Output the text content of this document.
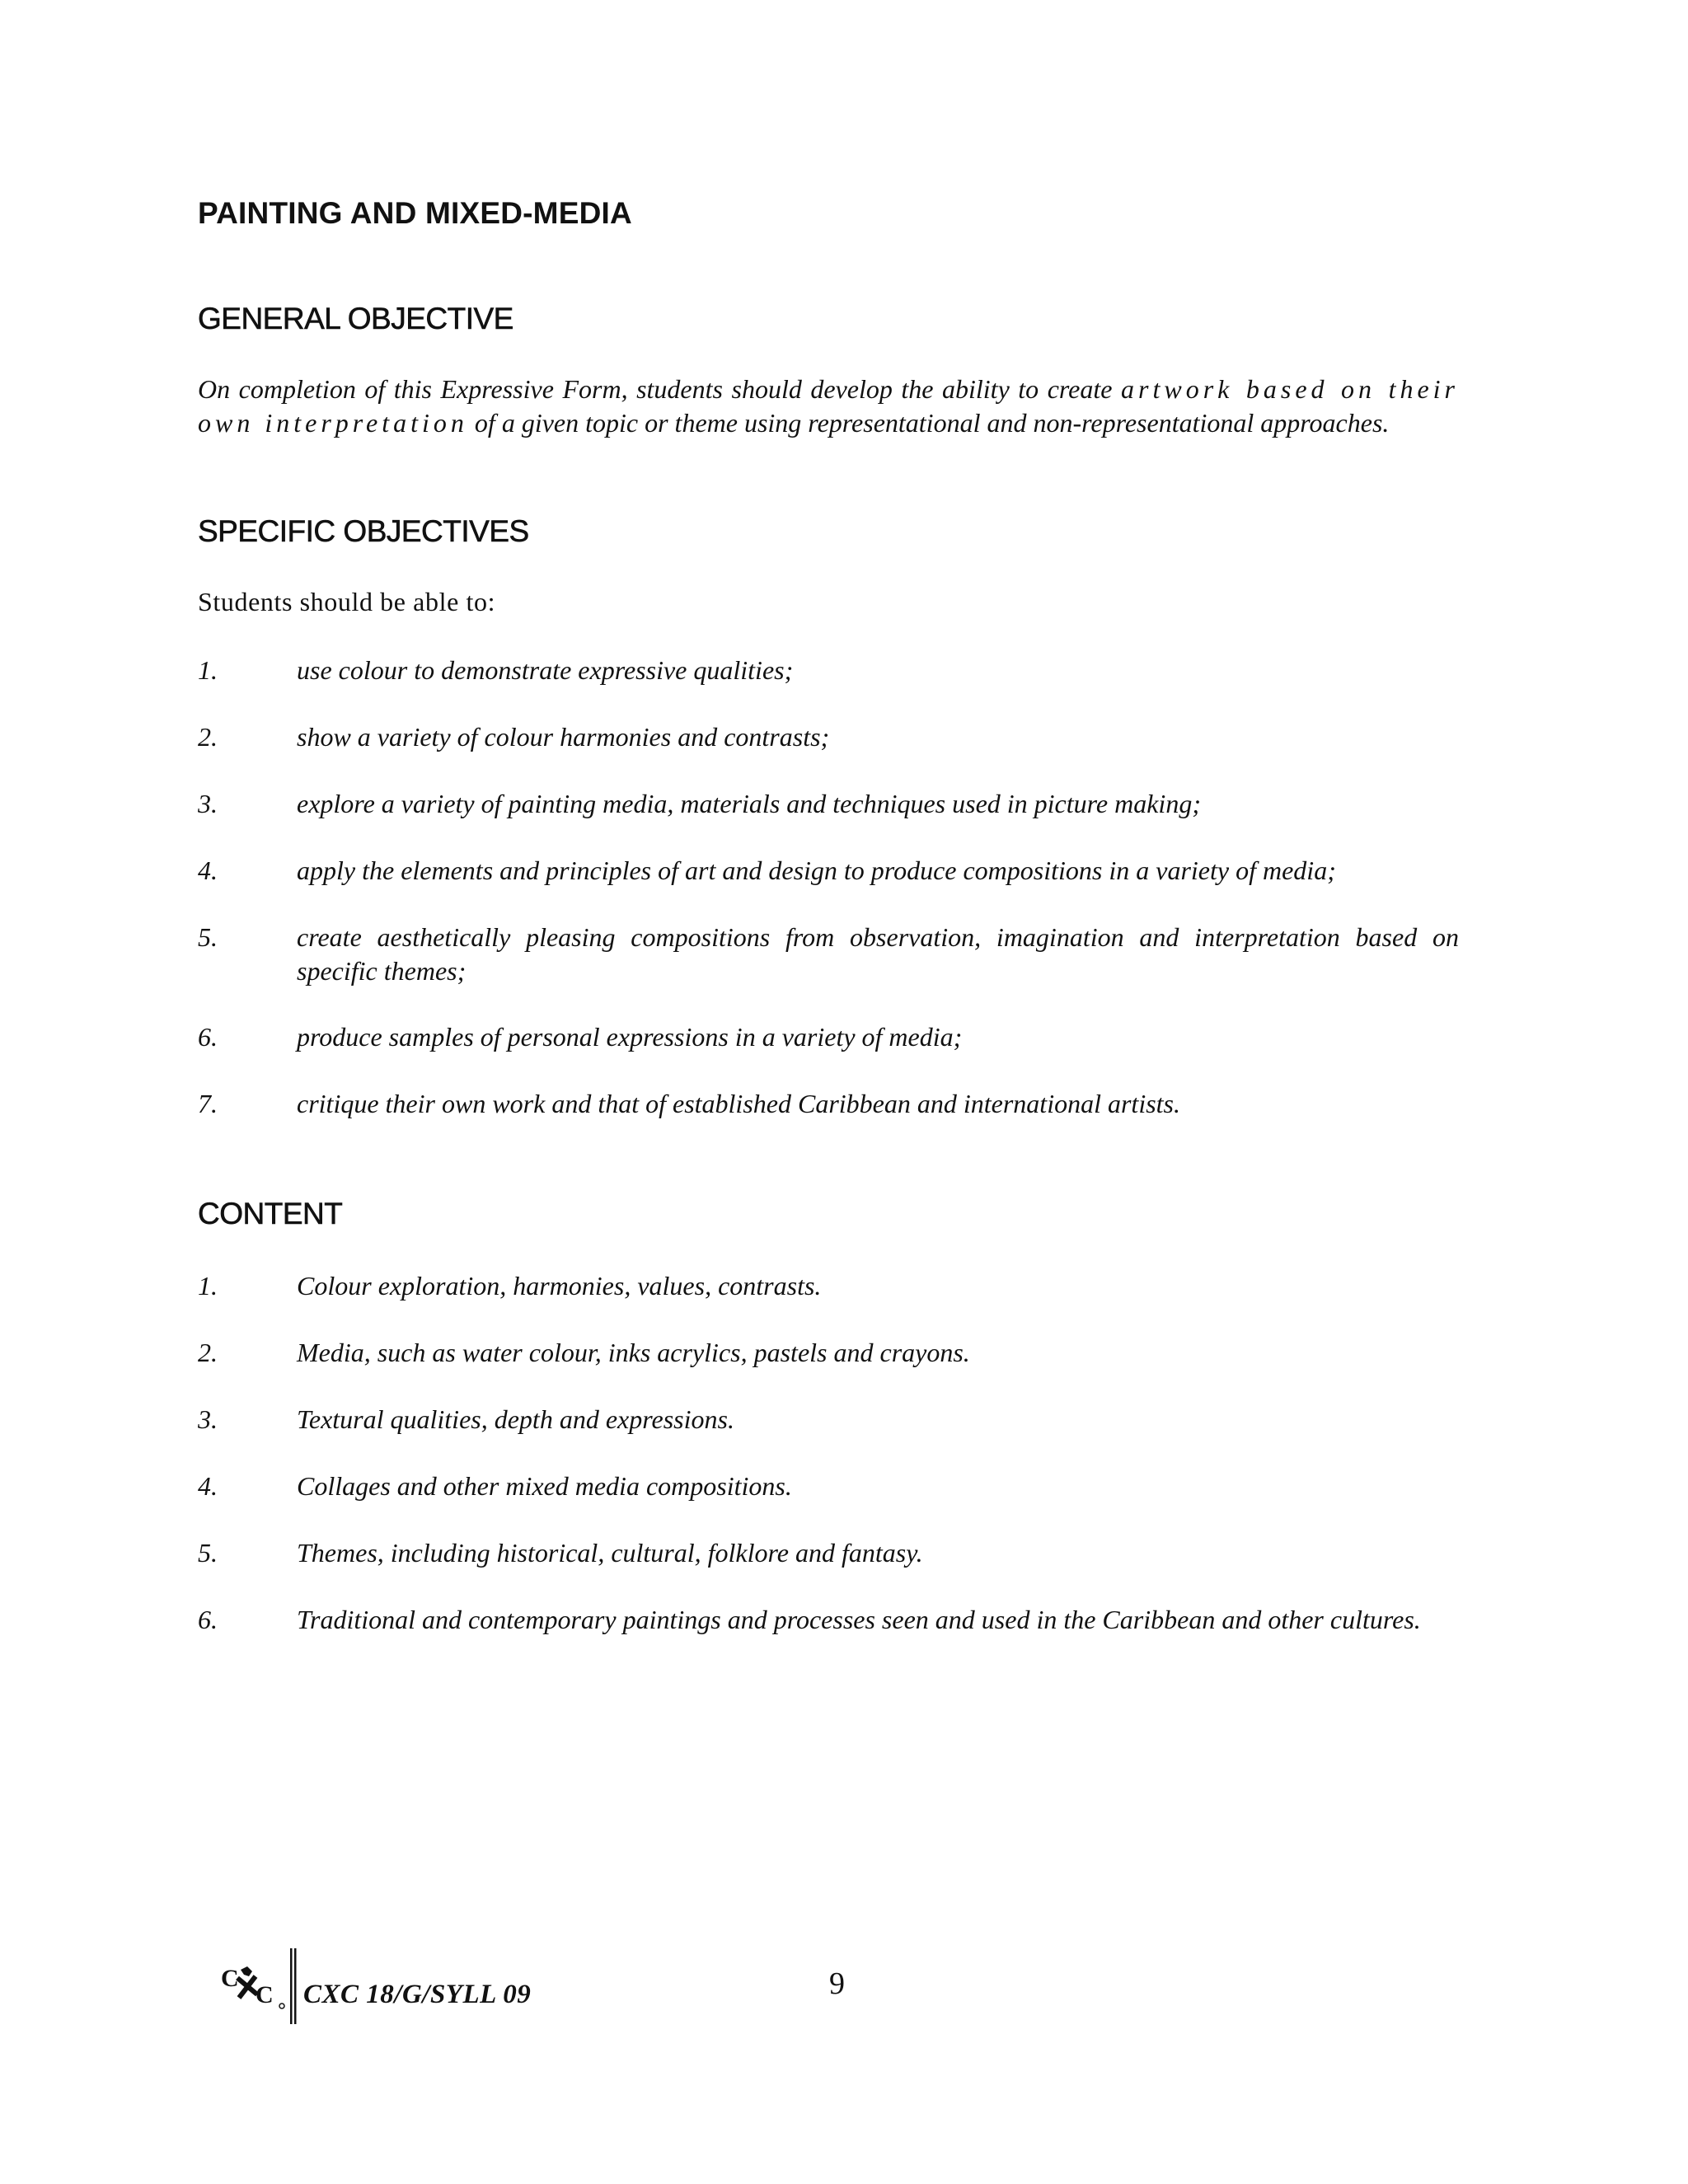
PAINTING AND MIXED-MEDIA
GENERAL OBJECTIVE

On completion of this Expressive Form, students should develop the ability to create artwork based on their own interpretation of a given topic or theme using representational and non-representational approaches.

SPECIFIC OBJECTIVES

Students should be able to:

1.	use colour to demonstrate expressive qualities;
2.	show a variety of colour harmonies and contrasts;
3.	explore a variety of painting media, materials and techniques used in picture making;
4.	apply the elements and principles of art and design to produce compositions in a variety of media;
5.	create aesthetically pleasing compositions from observation, imagination and interpretation based on
specific themes;
6.	produce samples of personal expressions in a variety of media;
7.	critique their own work and that of established Caribbean and international artists.
CONTENT
1.	Colour exploration, harmonies, values, contrasts.
2.	Media, such as water colour, inks acrylics, pastels and crayons.
3.	Textural qualities, depth and expressions.
4.	Collages and other mixed media compositions.
5.	Themes, including historical, cultural, folklore and fantasy.
6.	Traditional and contemporary paintings and processes seen and used in the Caribbean and other cultures.
C
C CXC 18/G/SYLL 09	9
